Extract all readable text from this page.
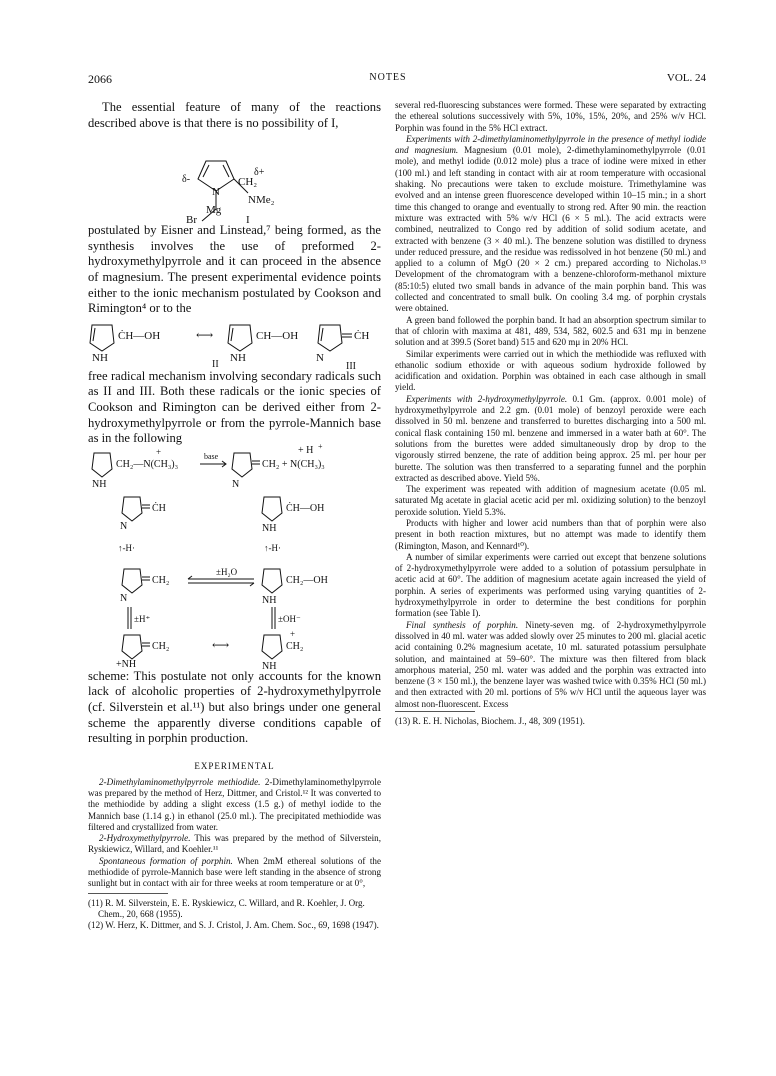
2066	NOTES	VOL. 24

The essential feature of many of the reactions described above is that there is no possibility of I,

δ-
N
δ+
CH₂
NMe₂
Mg
Br	I

postulated by Eisner and Linstead,⁷ being formed, as the synthesis involves the use of preformed 2-hydroxymethylpyrrole and it can proceed in the absence of magnesium. The present experimental evidence points either to the ionic mechanism postulated by Cookson and Rimington⁴ or to the

NH
ĊH—OH	⟷
NH
CH—OH
N
ĊH
II	III

free radical mechanism involving secondary radicals such as II and III. Both these radicals or the ionic species of Cookson and Rimington can be derived either from 2-hydroxymethylpyrrole or from the pyrrole-Mannich base as in the following

NH
+
CH₂—N(CH₃)₃
base
N
CH₂ + N(CH₃)₃
+ H +
N
ĊH
NH
ĊH—OH
↑-H·	↑-H·
N
CH₂
±H₂O
NH
CH₂—OH
±H⁺	±OH⁻
+NH
CH₂	⟷
NH
+
CH₂

scheme: This postulate not only accounts for the known lack of alcoholic properties of 2-hydroxymethylpyrrole (cf. Silverstein et al.¹¹) but also brings under one general scheme the apparently diverse conditions capable of resulting in porphin production.

EXPERIMENTAL

2-Dimethylaminomethylpyrrole methiodide. 2-Dimethylaminomethylpyrrole was prepared by the method of Herz, Dittmer, and Cristol.¹² It was converted to the methiodide by adding a slight excess (1.5 g.) of methyl iodide to the Mannich base (1.14 g.) in ethanol (25.0 ml.). The precipitated methiodide was filtered and crystallized from water.

2-Hydroxymethylpyrrole. This was prepared by the method of Silverstein, Ryskiewicz, Willard, and Koehler.¹¹

Spontaneous formation of porphin. When 2mM ethereal solutions of the methiodide of pyrrole-Mannich base were left standing in the absence of strong sunlight but in contact with air for three weeks at room temperature or at 0°,

(11) R. M. Silverstein, E. E. Ryskiewicz, C. Willard, and R. Koehler, J. Org. Chem., 20, 668 (1955).

(12) W. Herz, K. Dittmer, and S. J. Cristol, J. Am. Chem. Soc., 69, 1698 (1947).

several red-fluorescing substances were formed. These were separated by extracting the ethereal solutions successively with 5%, 10%, 15%, 20%, and 25% w/v HCl. Porphin was found in the 5% HCl extract.

Experiments with 2-dimethylaminomethylpyrrole in the presence of methyl iodide and magnesium. Magnesium (0.01 mole), 2-dimethylaminomethylpyrrole (0.01 mole), and methyl iodide (0.012 mole) plus a trace of iodine were mixed in ether (100 ml.) and left standing in contact with air at room temperature with occasional shaking. No precautions were taken to exclude moisture. Trimethylamine was evolved and an intense green fluorescence developed within 10–15 min.; in a short time this changed to orange and eventually to strong red. After 90 min. the reaction mixture was extracted with 5% w/v HCl (6 × 5 ml.). The acid extracts were combined, neutralized to Congo red by addition of solid sodium acetate, and extracted with benzene (3 × 40 ml.). The benzene solution was distilled to dryness under reduced pressure, and the residue was redissolved in hot benzene (50 ml.) and applied to a column of MgO (20 × 2 cm.) prepared according to Nicholas.¹³ Development of the chromatogram with a benzene-chloroform-methanol mixture (85:10:5) eluted two small bands in advance of the main porphin band. This was collected and concentrated to small bulk. On cooling 3.4 mg. of porphin crystals were obtained.

A green band followed the porphin band. It had an absorption spectrum similar to that of chlorin with maxima at 481, 489, 534, 582, 602.5 and 631 mμ in benzene solution and at 399.5 (Soret band) 515 and 620 mμ in 20% HCl.

Similar experiments were carried out in which the methiodide was refluxed with ethanolic sodium ethoxide or with aqueous sodium hydroxide followed by acidification and oxidation. Porphin was obtained in each case although in small yield.

Experiments with 2-hydroxymethylpyrrole. 0.1 Gm. (approx. 0.001 mole) of hydroxymethylpyrrole and 2.2 gm. (0.01 mole) of benzoyl peroxide were each dissolved in 50 ml. benzene and transferred to burettes discharging into a 500 ml. conical flask containing 150 ml. benzene and immersed in a water bath at 60°. The solutions from the burettes were added simultaneously drop by drop to the vigorously stirred benzene, the rate of addition being approx. 25 ml. per hour per burette. The solution was then transferred to a separating funnel and the porphin extracted as described above. Yield 5%.

The experiment was repeated with addition of magnesium acetate (0.05 ml. saturated Mg acetate in glacial acetic acid per ml. oxidizing solution) to the benzoyl peroxide solution. Yield 5.3%.

Products with higher and lower acid numbers than that of porphin were also present in both reaction mixtures, but no attempt was made to identify them (Rimington, Mason, and Kennard¹⁰).

A number of similar experiments were carried out except that benzene solutions of 2-hydroxymethylpyrrole were added to a solution of potassium persulphate in acetic acid at 60°. The addition of magnesium acetate again increased the yield of porphin. A series of experiments was performed using varying quantities of 2-hydroxymethylpyrrole in order to determine the best conditions for porphin formation (see Table I).

Final synthesis of porphin. Ninety-seven mg. of 2-hydroxymethylpyrrole dissolved in 40 ml. water was added slowly over 25 minutes to 200 ml. glacial acetic acid containing 0.2% magnesium acetate, 10 ml. saturated potassium persulphate solution, and maintained at 59–60°. The mixture was then filtered from black amorphous material, 250 ml. water was added and the porphin was extracted into benzene (3 × 150 ml.), the benzene layer was washed twice with 0.35% HCl (50 ml.) and then extracted with 20 ml. portions of 5% w/v HCl until the aqueous layer was almost non-fluorescent. Excess

(13) R. E. H. Nicholas, Biochem. J., 48, 309 (1951).
